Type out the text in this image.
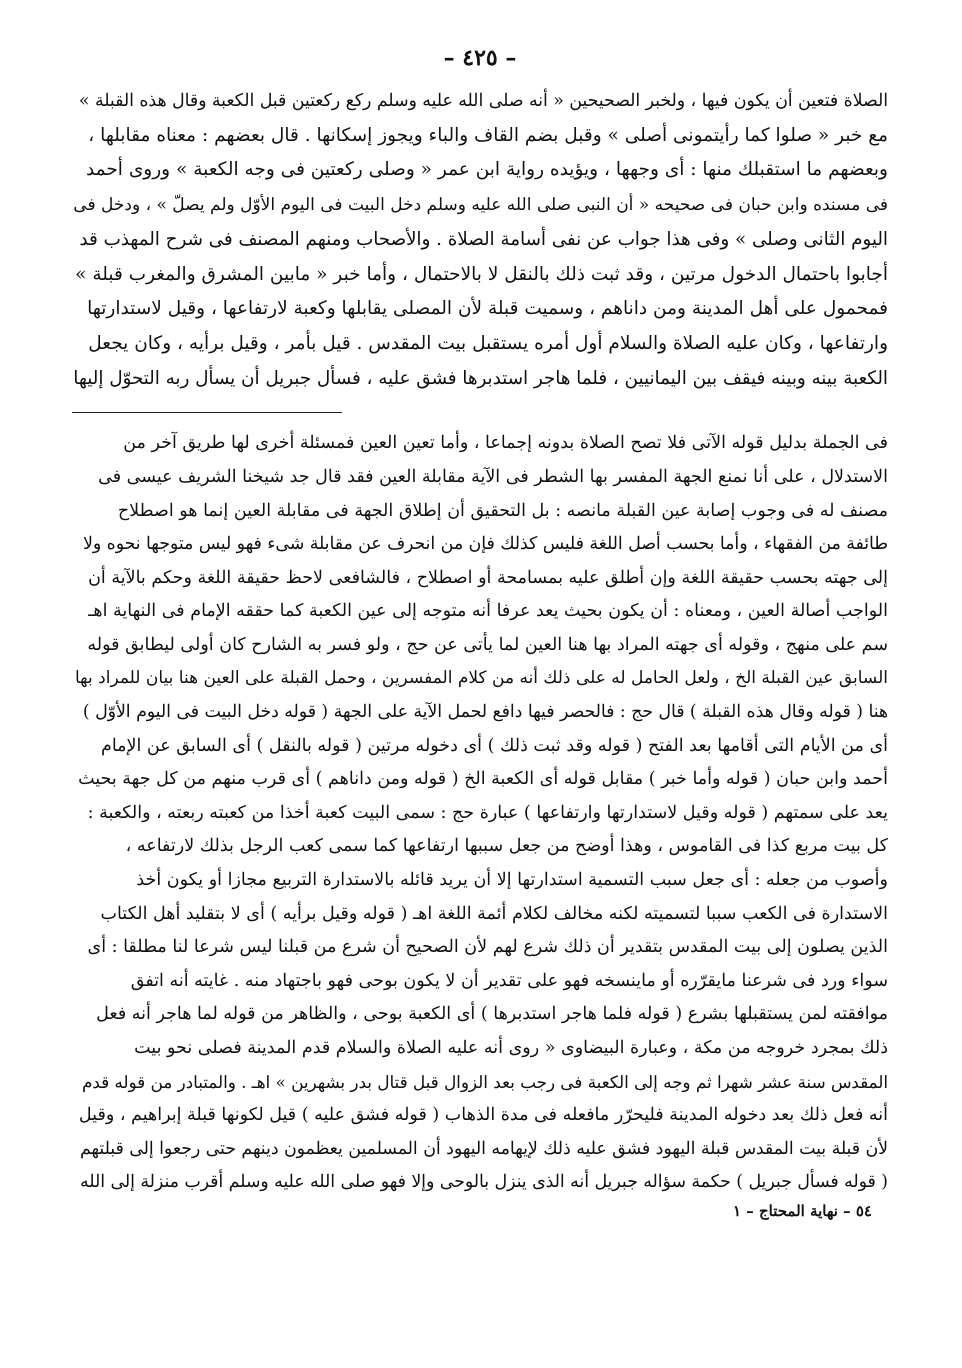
– ٤٢٥ –
الصلاة فتعين أن يكون فيها ، ولخبر الصحيحين « أنه صلى الله عليه وسلم ركع ركعتين قبل الكعبة وقال هذه القبلة »
مع خبر « صلوا كما رأيتمونى أصلى » وقبل بضم القاف والباء ويجوز إسكانها . قال بعضهم : معناه مقابلها ،
وبعضهم ما استقبلك منها : أى وجهها ، ويؤيده رواية ابن عمر « وصلى ركعتين فى وجه الكعبة » وروى أحمد
فى مسنده وابن حبان فى صحيحه « أن النبى صلى الله عليه وسلم دخل البيت فى اليوم الأوّل ولم يصلّ » ، ودخل فى
اليوم الثانى وصلى » وفى هذا جواب عن نفى أسامة الصلاة . والأصحاب ومنهم المصنف فى شرح المهذب قد
أجابوا باحتمال الدخول مرتين ، وقد ثبت ذلك بالنقل لا بالاحتمال ، وأما خبر « مابين المشرق والمغرب قبلة »
فمحمول على أهل المدينة ومن داناهم ، وسميت قبلة لأن المصلى يقابلها وكعبة لارتفاعها ، وقيل لاستدارتها
وارتفاعها ، وكان عليه الصلاة والسلام أول أمره يستقبل بيت المقدس . قيل بأمر ، وقيل برأيه ، وكان يجعل
الكعبة بينه وبينه فيقف بين اليمانيين ، فلما هاجر استدبرها فشق عليه ، فسأل جبريل أن يسأل ربه التحوّل إليها
فى الجملة بدليل قوله الآتى فلا تصح الصلاة بدونه إجماعا ، وأما تعين العين فمسئلة أخرى لها طريق آخر من
الاستدلال ، على أنا نمنع الجهة المفسر بها الشطر فى الآية مقابلة العين فقد قال جد شيخنا الشريف عيسى فى
مصنف له فى وجوب إصابة عين القبلة مانصه : بل التحقيق أن إطلاق الجهة فى مقابلة العين إنما هو اصطلاح
طائفة من الفقهاء ، وأما بحسب أصل اللغة فليس كذلك فإن من انحرف عن مقابلة شىء فهو ليس متوجها نحوه ولا
إلى جهته بحسب حقيقة اللغة وإن أطلق عليه بمسامحة أو اصطلاح ، فالشافعى لاحظ حقيقة اللغة وحكم بالآية أن
الواجب أصالة العين ، ومعناه : أن يكون بحيث يعد عرفا أنه متوجه إلى عين الكعبة كما حققه الإمام فى النهاية اهـ
سم على منهج ، وقوله أى جهته المراد بها هنا العين لما يأتى عن حج ، ولو فسر به الشارح كان أولى ليطابق قوله
السابق عين القبلة الخ ، ولعل الحامل له على ذلك أنه من كلام المفسرين ، وحمل القبلة على العين هنا بيان للمراد بها
هنا ( قوله وقال هذه القبلة ) قال حج : فالحصر فيها دافع لحمل الآية على الجهة ( قوله دخل البيت فى اليوم الأوّل )
أى من الأيام التى أقامها بعد الفتح ( قوله وقد ثبت ذلك ) أى دخوله مرتين ( قوله بالنقل ) أى السابق عن الإمام
أحمد وابن حبان ( قوله وأما خبر ) مقابل قوله أى الكعبة الخ ( قوله ومن داناهم ) أى قرب منهم من كل جهة بحيث
يعد على سمتهم ( قوله وقيل لاستدارتها وارتفاعها ) عبارة حج : سمى البيت كعبة أخذا من كعبته ربعته ، والكعبة :
كل بيت مربع كذا فى القاموس ، وهذا أوضح من جعل سببها ارتفاعها كما سمى كعب الرجل بذلك لارتفاعه ،
وأصوب من جعله : أى جعل سبب التسمية استدارتها إلا أن يريد قائله بالاستدارة التربيع مجازا أو يكون أخذ
الاستدارة فى الكعب سببا لتسميته لكنه مخالف لكلام أئمة اللغة اهـ ( قوله وقيل برأيه ) أى لا بتقليد أهل الكتاب
الذين يصلون إلى بيت المقدس بتقدير أن ذلك شرع لهم لأن الصحيح أن شرع من قبلنا ليس شرعا لنا مطلقا : أى
سواء ورد فى شرعنا مايقرّره أو ماينسخه فهو على تقدير أن لا يكون بوحى فهو باجتهاد منه . غايته أنه اتفق
موافقته لمن يستقبلها بشرع ( قوله فلما هاجر استدبرها ) أى الكعبة بوحى ، والظاهر من قوله لما هاجر أنه فعل
ذلك بمجرد خروجه من مكة ، وعبارة البيضاوى « روى أنه عليه الصلاة والسلام قدم المدينة فصلى نحو بيت
المقدس سنة عشر شهرا ثم وجه إلى الكعبة فى رجب بعد الزوال قبل قتال بدر بشهرين » اهـ . والمتبادر من قوله قدم
أنه فعل ذلك بعد دخوله المدينة فليحرّر مافعله فى مدة الذهاب ( قوله فشق عليه ) قيل لكونها قبلة إبراهيم ، وقيل
لأن قبلة بيت المقدس قبلة اليهود فشق عليه ذلك لإيهامه اليهود أن المسلمين يعظمون دينهم حتى رجعوا إلى قبلتهم
( قوله فسأل جبريل ) حكمة سؤاله جبريل أنه الذى ينزل بالوحى وإلا فهو صلى الله عليه وسلم أقرب منزلة إلى الله
٥٤ – نهاية المحتاج – ١
